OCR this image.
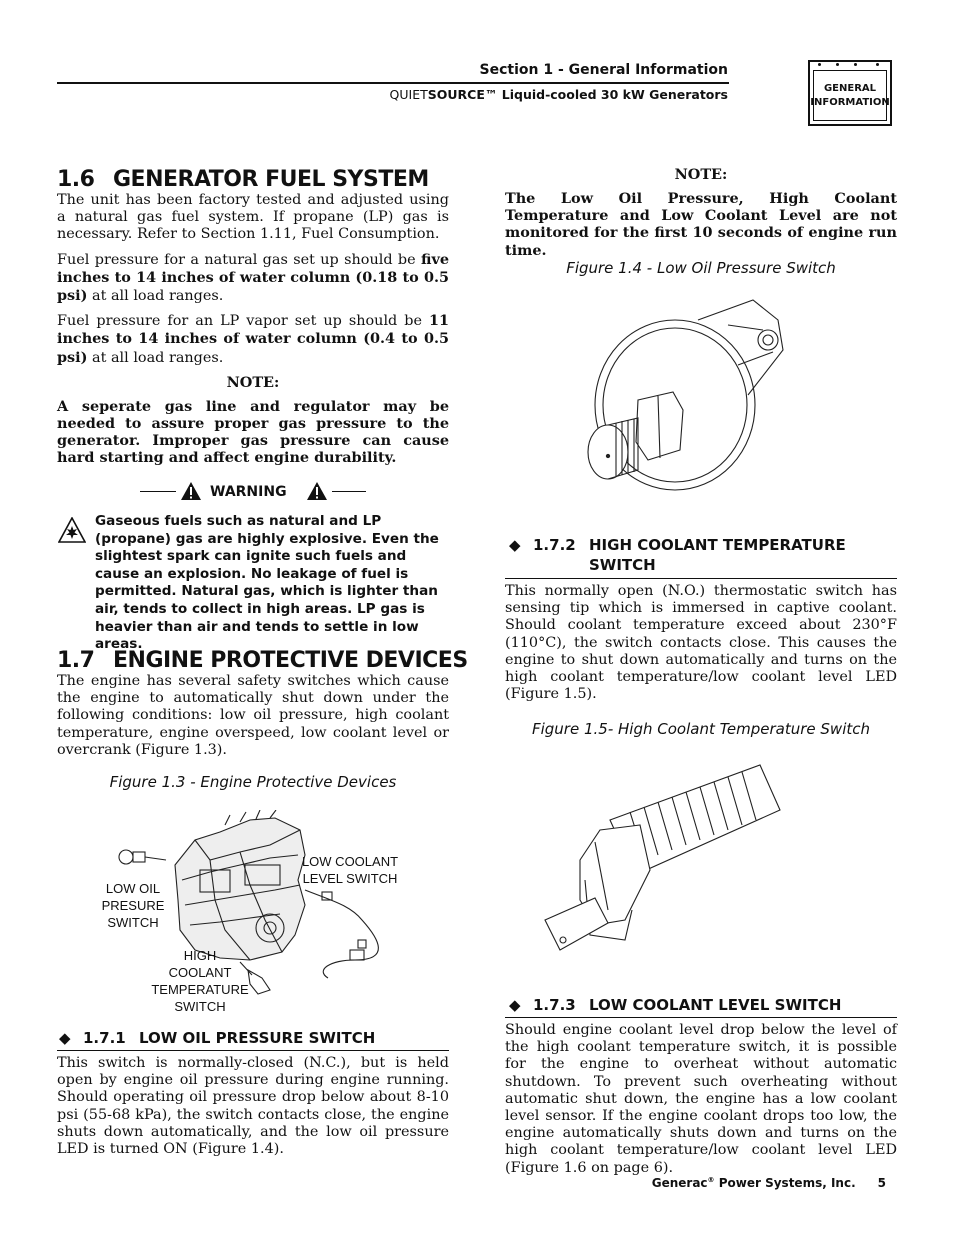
Section 1 - General Information
QUIETSOURCE™ Liquid-cooled 30 kW Generators	GENERAL
INFORMATION
1.6 GENERATOR FUEL SYSTEM

The unit has been factory tested and adjusted using a natural gas fuel system. If propane (LP) gas is necessary. Refer to Section 1.11, Fuel Consumption.

Fuel pressure for a natural gas set up should be five inches to 14 inches of water column (0.18 to 0.5 psi) at all load ranges.

Fuel pressure for an LP vapor set up should be 11 inches to 14 inches of water column (0.4 to 0.5 psi) at all load ranges.

NOTE:

A seperate gas line and regulator may be needed to assure proper gas pressure to the generator. Improper gas pressure can cause hard starting and affect engine durability.

WARNING
Gaseous fuels such as natural and LP (propane) gas are highly explosive. Even the slightest spark can ignite such fuels and cause an explosion. No leakage of fuel is permitted. Natural gas, which is lighter than air, tends to collect in high areas. LP gas is heavier than air and tends to settle in low areas.
1.7 ENGINE PROTECTIVE DEVICES

The engine has several safety switches which cause the engine to automatically shut down under the following conditions: low oil pressure, high coolant temperature, engine overspeed, low coolant level or overcrank (Figure 1.3).

Figure 1.3 - Engine Protective Devices
LOW OIL
PRESURE
SWITCH
LOW COOLANT
LEVEL SWITCH
HIGH
COOLANT
TEMPERATURE
SWITCH
◆ 1.7.1 LOW OIL PRESSURE SWITCH

This switch is normally-closed (N.C.), but is held open by engine oil pressure during engine running. Should operating oil pressure drop below about 8-10 psi (55-68 kPa), the switch contacts close, the engine shuts down automatically, and the low oil pressure LED is turned ON (Figure 1.4).

NOTE:

The Low Oil Pressure, High Coolant Temperature and Low Coolant Level are not monitored for the first 10 seconds of engine run time.

Figure 1.4 - Low Oil Pressure Switch
◆ 1.7.2 HIGH COOLANT TEMPERATURE
SWITCH

This normally open (N.O.) thermostatic switch has sensing tip which is immersed in captive coolant. Should coolant temperature exceed about 230°F (110°C), the switch contacts close. This causes the engine to shut down automatically and turns on the high coolant temperature/low coolant level LED (Figure 1.5).

Figure 1.5- High Coolant Temperature Switch
◆ 1.7.3 LOW COOLANT LEVEL SWITCH

Should engine coolant level drop below the level of the high coolant temperature switch, it is possible for the engine to overheat without automatic shutdown. To prevent such overheating without automatic shut down, the engine has a low coolant level sensor. If the engine coolant drops too low, the engine automatically shuts down and turns on the high coolant temperature/low coolant level LED (Figure 1.6 on page 6).

Generac® Power Systems, Inc. 5
